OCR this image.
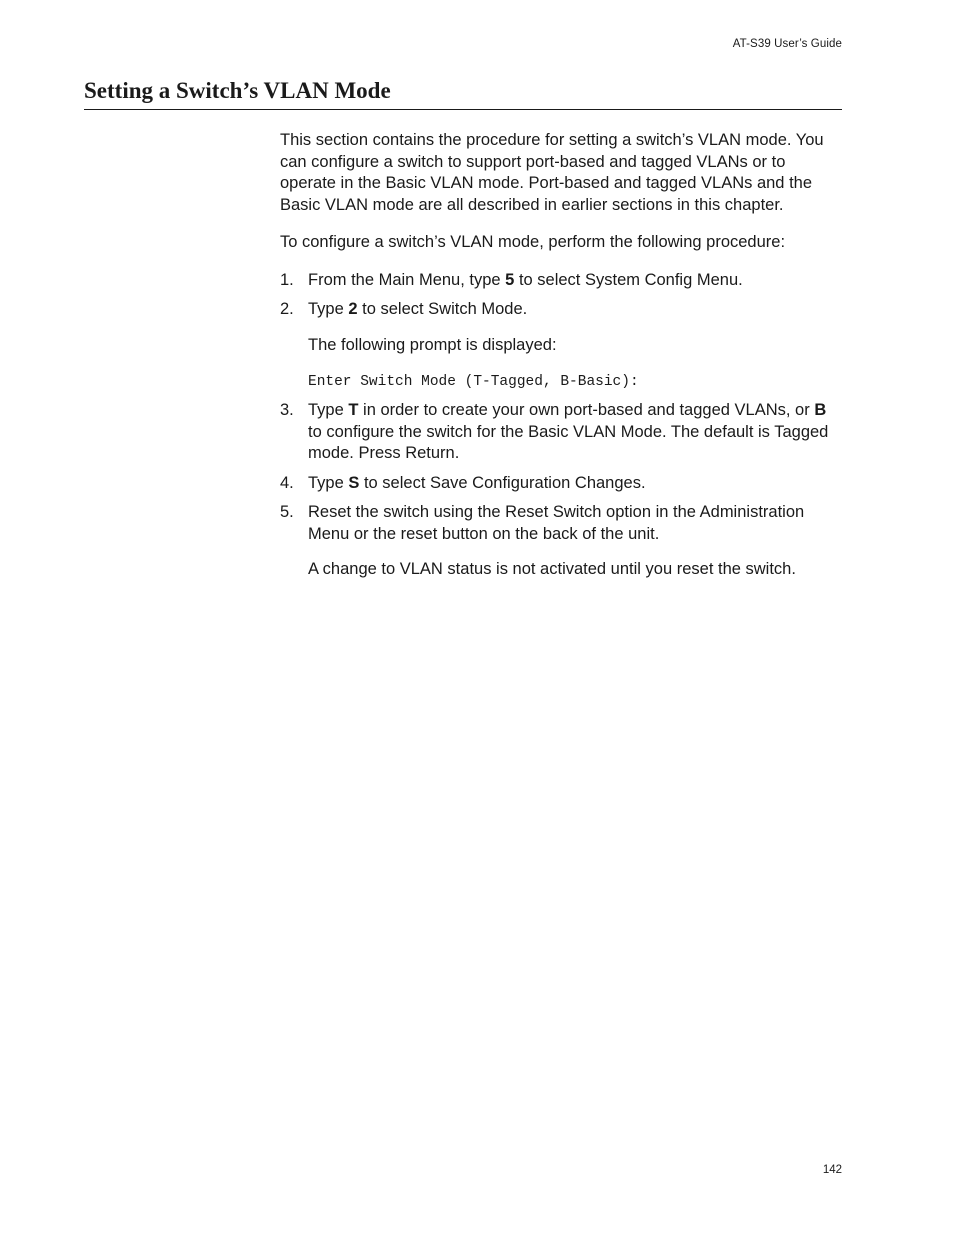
AT-S39 User’s Guide
Setting a Switch’s VLAN Mode

This section contains the procedure for setting a switch’s VLAN mode. You can configure a switch to support port-based and tagged VLANs or to operate in the Basic VLAN mode. Port-based and tagged VLANs and the Basic VLAN mode are all described in earlier sections in this chapter.

To configure a switch’s VLAN mode, perform the following procedure:

1. From the Main Menu, type 5 to select System Config Menu.
2. Type 2 to select Switch Mode.

The following prompt is displayed:

Enter Switch Mode (T-Tagged, B-Basic):

3. Type T in order to create your own port-based and tagged VLANs, or B to configure the switch for the Basic VLAN Mode. The default is Tagged mode. Press Return.
4. Type S to select Save Configuration Changes.
5. Reset the switch using the Reset Switch option in the Administration Menu or the reset button on the back of the unit.

A change to VLAN status is not activated until you reset the switch.

142
